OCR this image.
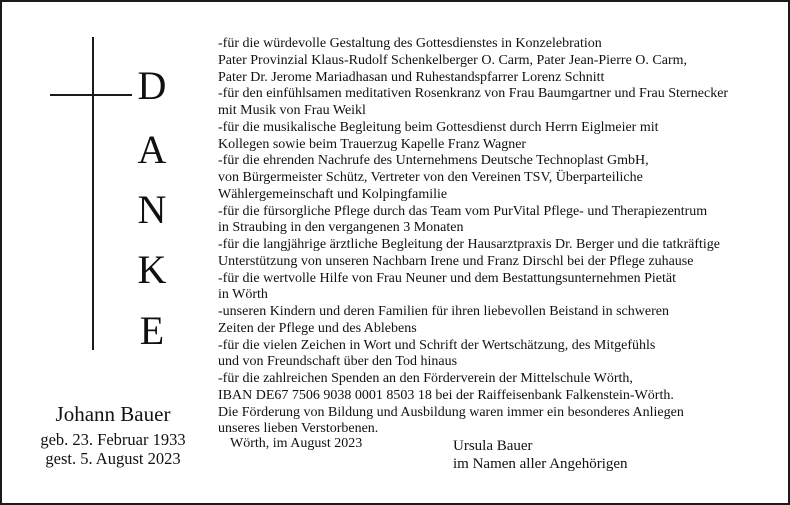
D
A
N
K
E
-für die würdevolle Gestaltung des Gottesdienstes in Konzelebration
Pater Provinzial Klaus-Rudolf Schenkelberger O. Carm, Pater Jean-Pierre O. Carm,
Pater Dr. Jerome Mariadhasan und Ruhestandspfarrer Lorenz Schnitt
-für den einfühlsamen meditativen Rosenkranz von Frau Baumgartner und Frau Sternecker
mit Musik von Frau Weikl
-für die musikalische Begleitung beim Gottesdienst durch Herrn Eiglmeier mit
Kollegen sowie beim Trauerzug Kapelle Franz Wagner
-für die ehrenden Nachrufe des Unternehmens Deutsche Technoplast GmbH,
von Bürgermeister Schütz, Vertreter von den Vereinen TSV, Überparteiliche
Wählergemeinschaft und Kolpingfamilie
-für die fürsorgliche Pflege durch das Team vom PurVital Pflege- und Therapiezentrum
in Straubing in den vergangenen 3 Monaten
-für die langjährige ärztliche Begleitung der Hausarztpraxis Dr. Berger und die tatkräftige
Unterstützung von unseren Nachbarn Irene und Franz Dirschl bei der Pflege zuhause
-für die wertvolle Hilfe von Frau Neuner und dem Bestattungsunternehmen Pietät
in Wörth
-unseren Kindern und deren Familien für ihren liebevollen Beistand in schweren
Zeiten der Pflege und des Ablebens
-für die vielen Zeichen in Wort und Schrift der Wertschätzung, des Mitgefühls
und von Freundschaft über den Tod hinaus
-für die zahlreichen Spenden an den Förderverein der Mittelschule Wörth,
IBAN DE67 7506 9038 0001 8503 18 bei der Raiffeisenbank Falkenstein-Wörth.
Die Förderung von Bildung und Ausbildung waren immer ein besonderes Anliegen
unseres lieben Verstorbenen.
Johann Bauer
geb. 23. Februar 1933
gest. 5. August 2023
Wörth, im August 2023	Ursula Bauer
im Namen aller Angehörigen
